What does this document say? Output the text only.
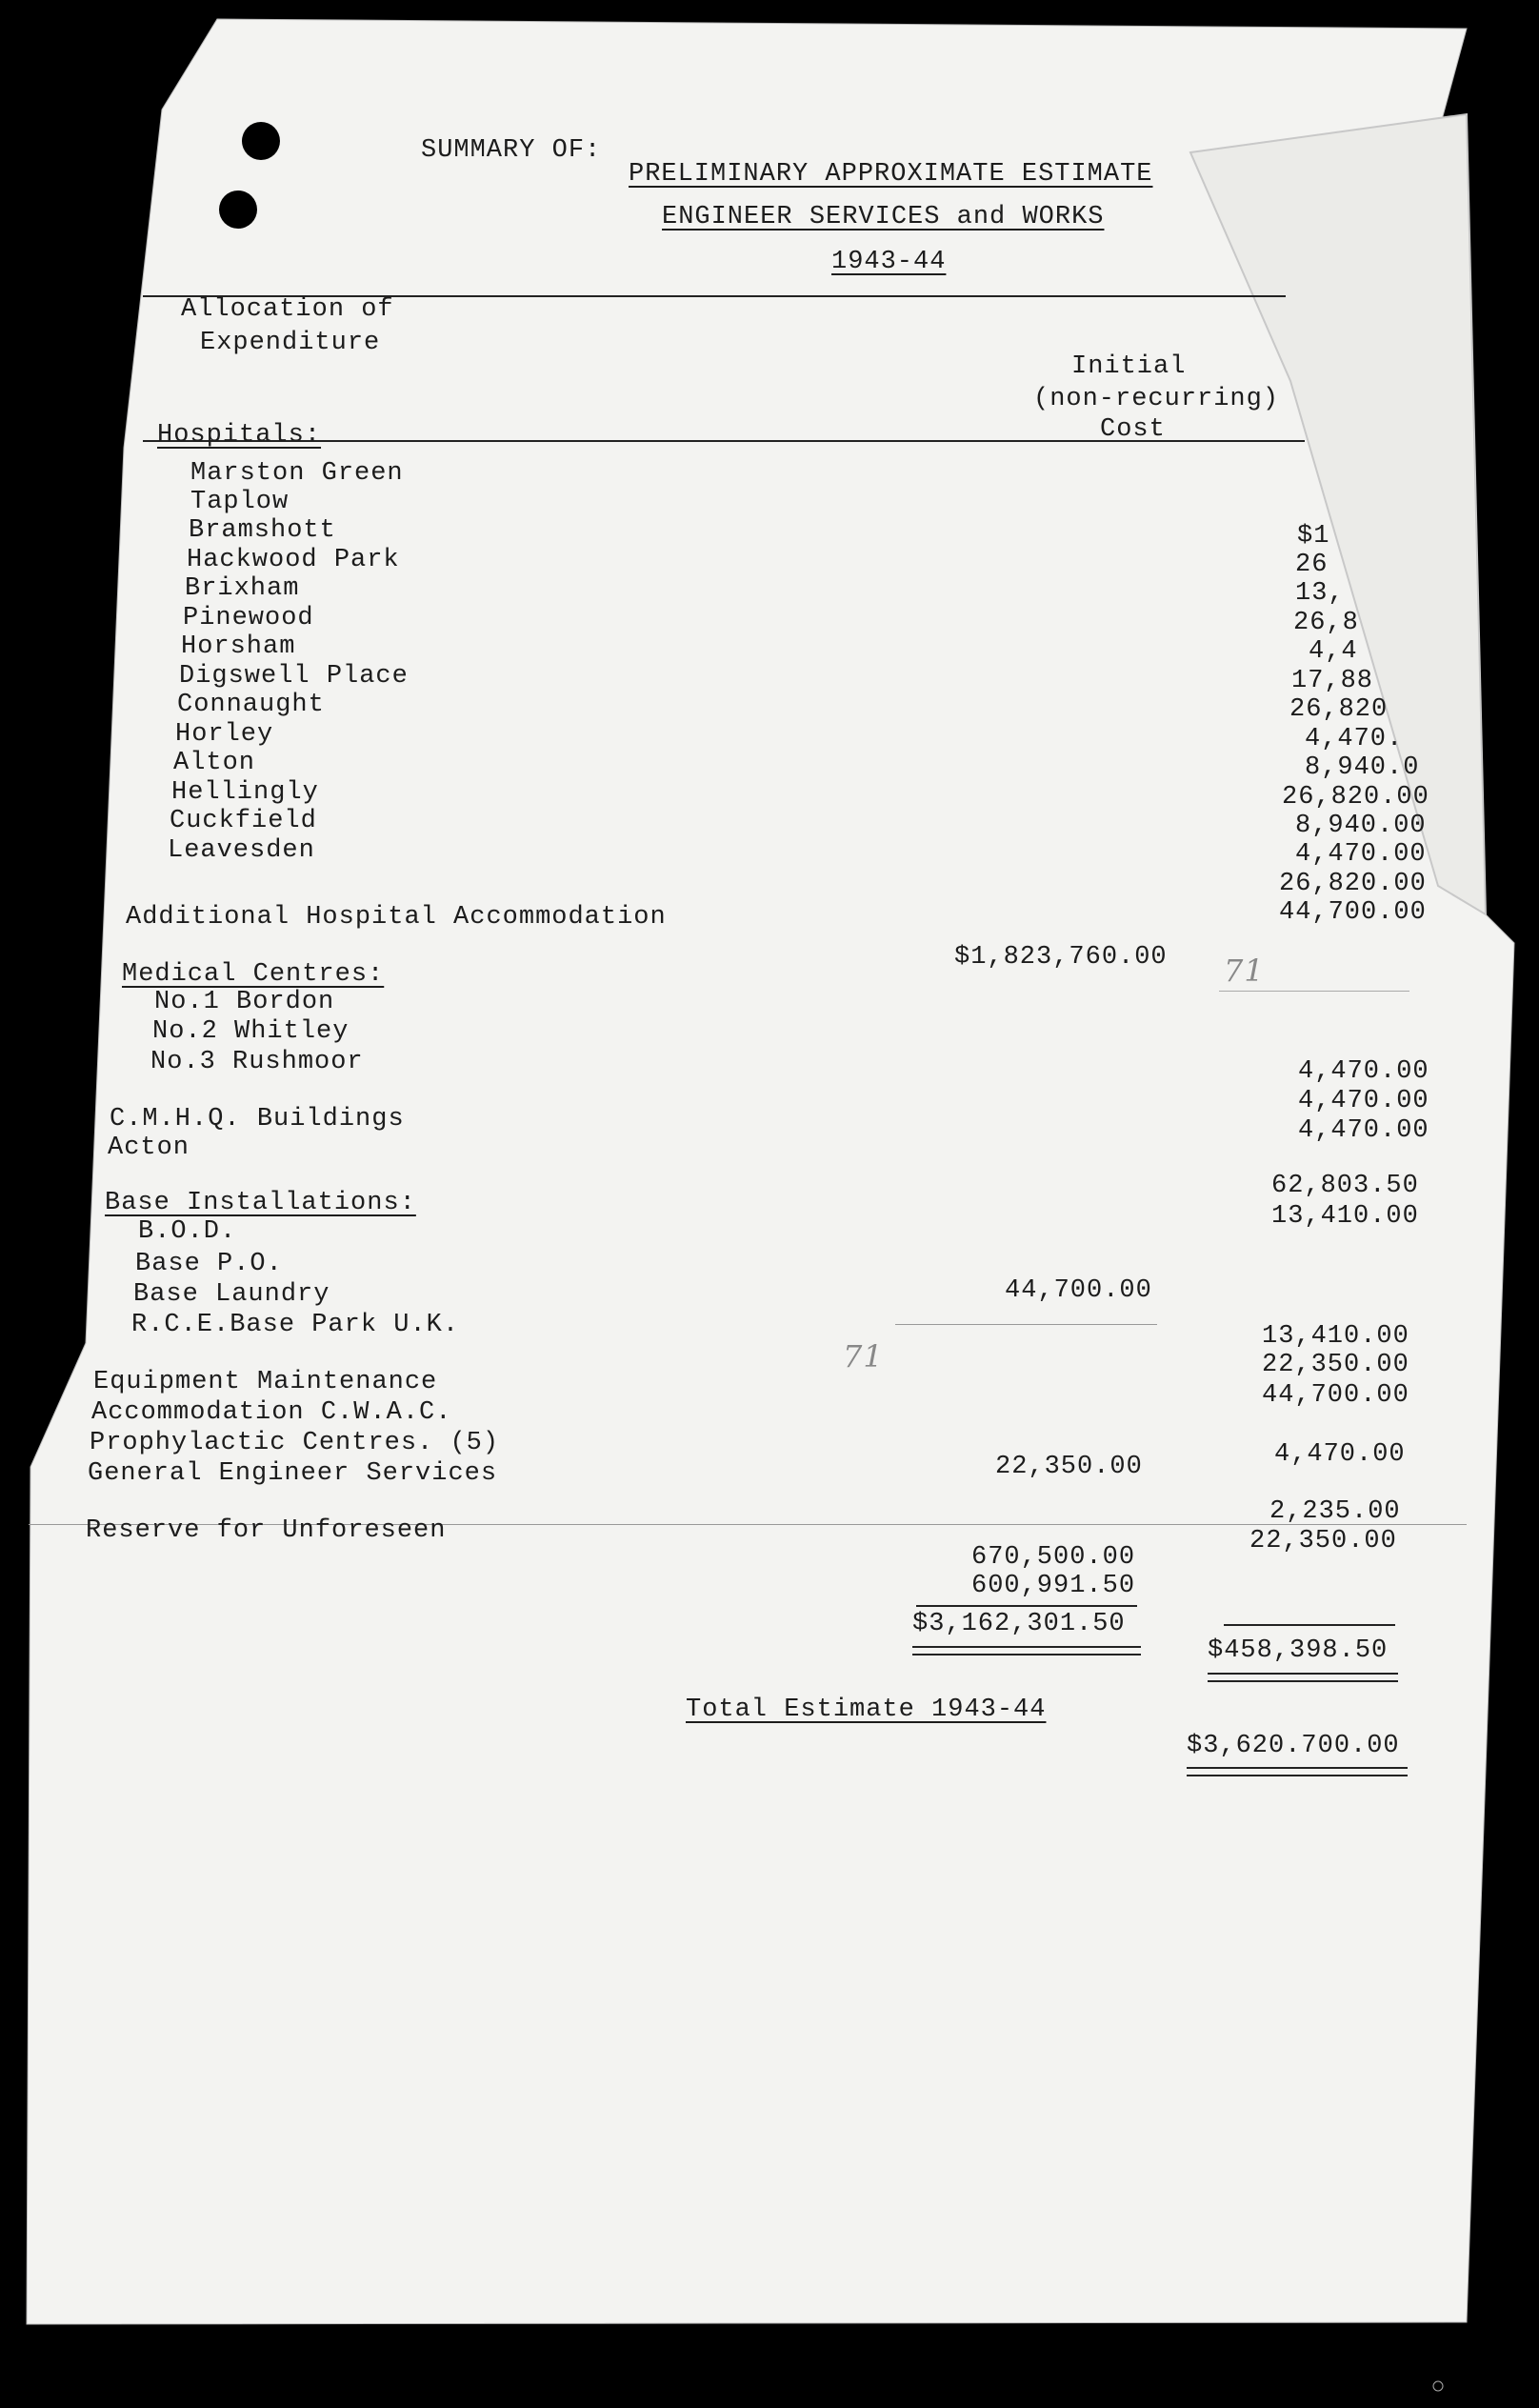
SUMMARY OF:
PRELIMINARY APPROXIMATE ESTIMATE
ENGINEER SERVICES and WORKS
1943-44
Allocation of
Expenditure
Initial
(non-recurring)
Cost
Hospitals:
Marston Green
Taplow
Bramshott
Hackwood Park
Brixham
Pinewood
Horsham
Digswell Place
Connaught
Horley
Alton
Hellingly
Cuckfield
Leavesden
$1
26
13,
26,8
4,4
17,88
26,820
4,470.
8,940.0
26,820.00
8,940.00
4,470.00
26,820.00
44,700.00
Additional Hospital Accommodation
$1,823,760.00 71
Medical Centres:
No.1 Bordon
No.2 Whitley
No.3 Rushmoor	4,470.00
4,470.00
4,470.00
C.M.H.Q. Buildings
Acton
62,803.50
13,410.00
Base Installations:
B.O.D.
Base P.O.
Base Laundry
R.C.E.Base Park U.K.
44,700.00
13,410.00
22,350.00
44,700.00
71
Equipment Maintenance
Accommodation C.W.A.C.
Prophylactic Centres. (5)
General Engineer Services
Reserve for Unforeseen
22,350.00	4,470.00
2,235.00
22,350.00
670,500.00
600,991.50
$3,162,301.50
$458,398.50
Total Estimate 1943-44
$3,620.700.00
